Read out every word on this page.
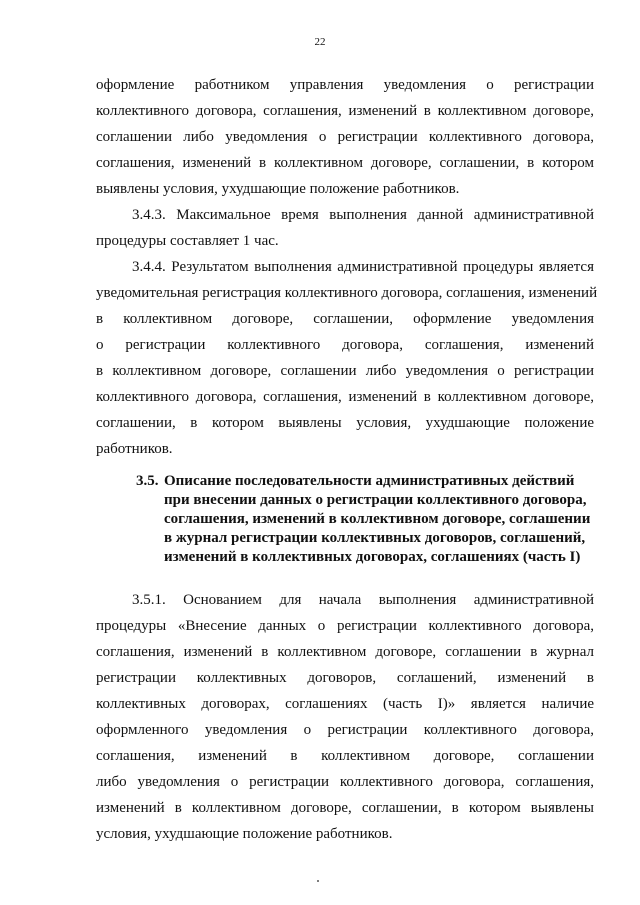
22
оформление работником управления уведомления о регистрации
коллективного договора, соглашения, изменений в коллективном договоре,
соглашении либо уведомления о регистрации коллективного договора,
соглашения, изменений в коллективном договоре, соглашении, в котором
выявлены условия, ухудшающие положение работников.
3.4.3. Максимальное время выполнения данной административной
процедуры составляет 1 час.
3.4.4. Результатом выполнения административной процедуры является
уведомительная регистрация коллективного договора, соглашения, изменений
в коллективном договоре, соглашении, оформление уведомления
о регистрации коллективного договора, соглашения, изменений
в коллективном договоре, соглашении либо уведомления о регистрации
коллективного договора, соглашения, изменений в коллективном договоре,
соглашении, в котором выявлены условия, ухудшающие положение
работников.
3.5. Описание последовательности административных действий
при внесении данных о регистрации коллективного договора,
соглашения, изменений в коллективном договоре, соглашении
в журнал регистрации коллективных договоров, соглашений,
изменений в коллективных договорах, соглашениях (часть I)
3.5.1. Основанием для начала выполнения административной
процедуры «Внесение данных о регистрации коллективного договора,
соглашения, изменений в коллективном договоре, соглашении в журнал
регистрации коллективных договоров, соглашений, изменений в
коллективных договорах, соглашениях (часть I)» является наличие
оформленного уведомления о регистрации коллективного договора,
соглашения, изменений в коллективном договоре, соглашении
либо уведомления о регистрации коллективного договора, соглашения,
изменений в коллективном договоре, соглашении, в котором выявлены
условия, ухудшающие положение работников.
